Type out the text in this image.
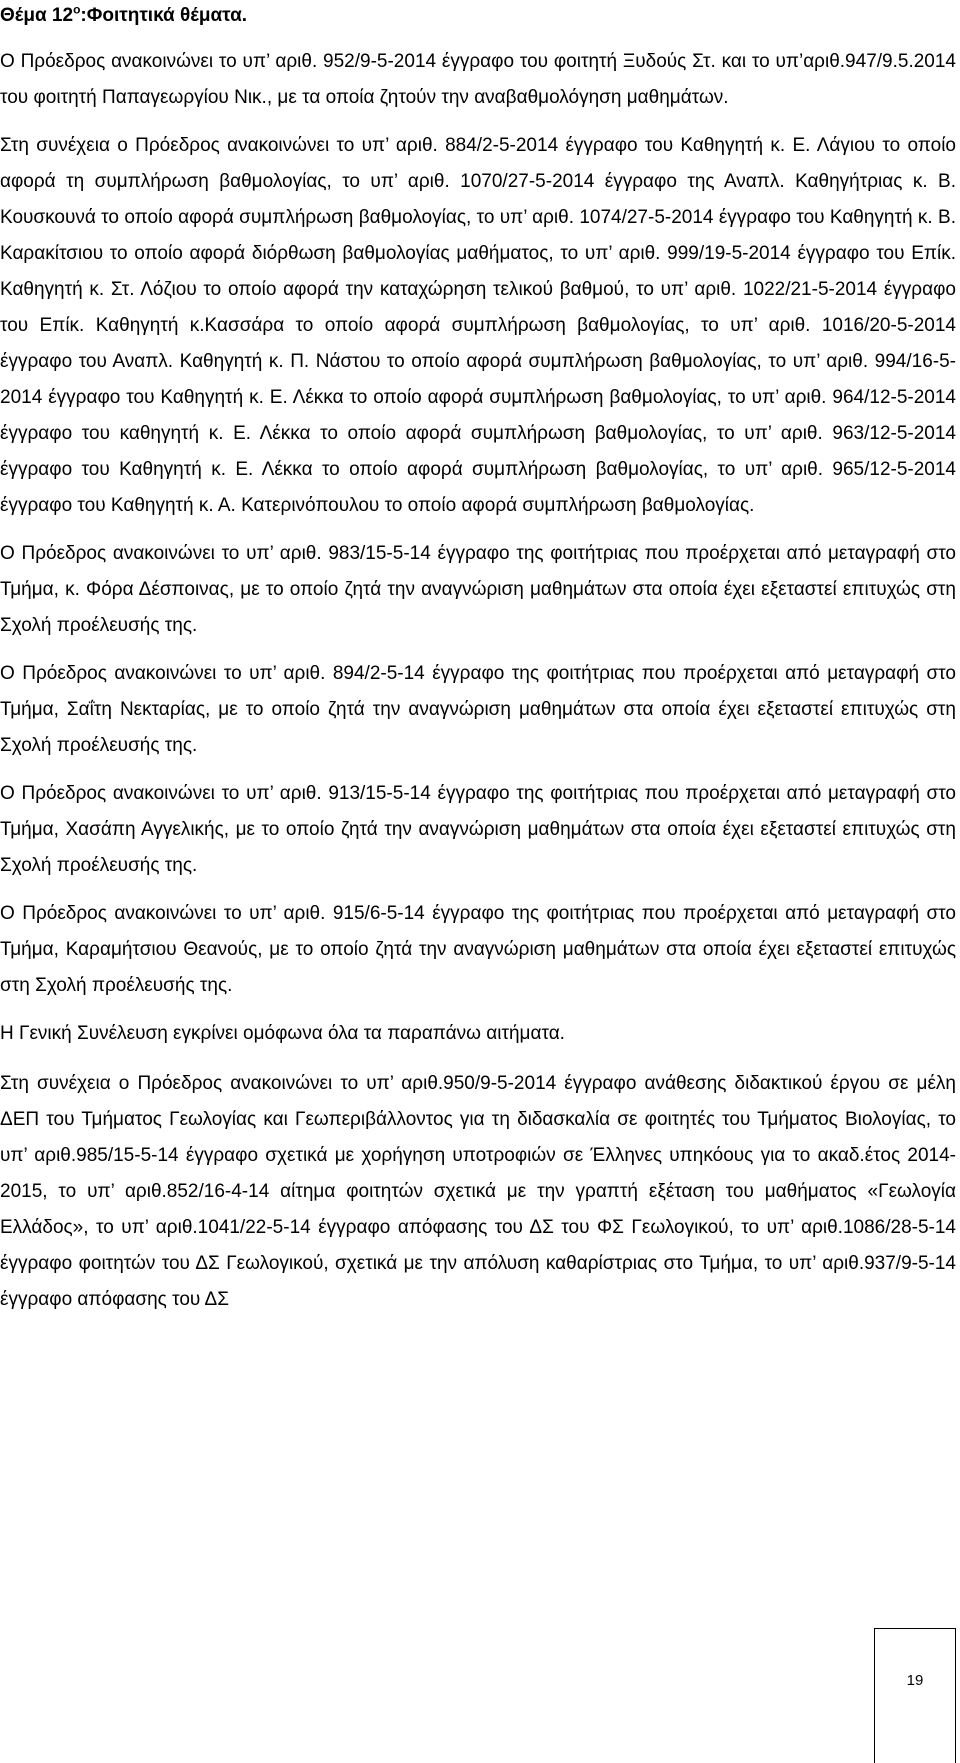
Θέμα $12^o:\Phi o\iota\tau\eta\tau\iota\kappa ά$ θέματα.

Ο Πρόεδρος ανακοινώνει το υπ’ αριθ. 952/9-5-2014 έγγραφο του φοιτητή Ξυδούς Στ. και το υπ’αριθ.947/9.5.2014 του φοιτητή Παπαγεωργίου Νικ., με τα οποία ζητούν την αναβαθμολόγηση μαθημάτων.

Στη συνέχεια ο Πρόεδρος ανακοινώνει το υπ’ αριθ. 884/2-5-2014 έγγραφο του Καθηγητή κ. Ε. Λάγιου το οποίο αφορά τη συμπλήρωση βαθμολογίας, το υπ’ αριθ. 1070/27-5-2014 έγγραφο της Αναπλ. Καθηγήτριας κ. Β. Κουσκουνά το οποίο αφορά συμπλήρωση βαθμολογίας, το υπ’ αριθ. 1074/27-5-2014 έγγραφο του Καθηγητή κ. Β. Καρακίτσιου το οποίο αφορά διόρθωση βαθμολογίας μαθήματος, το υπ’ αριθ. 999/19-5-2014 έγγραφο του Επίκ. Καθηγητή κ. Στ. Λόζιου το οποίο αφορά την καταχώρηση τελικού βαθμού, το υπ’ αριθ. 1022/21-5-2014 έγγραφο του Επίκ. Καθηγητή κ.Κασσάρα το οποίο αφορά συμπλήρωση βαθμολογίας, το υπ’ αριθ. 1016/20-5-2014 έγγραφο του Αναπλ. Καθηγητή κ. Π. Νάστου το οποίο αφορά συμπλήρωση βαθμολογίας, το υπ’ αριθ. 994/16-5-2014 έγγραφο του Καθηγητή κ. Ε. Λέκκα το οποίο αφορά συμπλήρωση βαθμολογίας, το υπ’ αριθ. 964/12-5-2014 έγγραφο του καθηγητή κ. Ε. Λέκκα το οποίο αφορά συμπλήρωση βαθμολογίας, το υπ’ αριθ. 963/12-5-2014 έγγραφο του Καθηγητή κ. Ε. Λέκκα το οποίο αφορά συμπλήρωση βαθμολογίας, το υπ’ αριθ. 965/12-5-2014 έγγραφο του Καθηγητή κ. Α. Κατερινόπουλου το οποίο αφορά συμπλήρωση βαθμολογίας.

Ο Πρόεδρος ανακοινώνει το υπ’ αριθ. 983/15-5-14 έγγραφο της φοιτήτριας που προέρχεται από μεταγραφή στο Τμήμα, κ. Φόρα Δέσποινας, με το οποίο ζητά την αναγνώριση μαθημάτων στα οποία έχει εξεταστεί επιτυχώς στη Σχολή προέλευσής της.

Ο Πρόεδρος ανακοινώνει το υπ’ αριθ. 894/2-5-14 έγγραφο της φοιτήτριας που προέρχεται από μεταγραφή στο Τμήμα, Σαΐτη Νεκταρίας, με το οποίο ζητά την αναγνώριση μαθημάτων στα οποία έχει εξεταστεί επιτυχώς στη Σχολή προέλευσής της.

Ο Πρόεδρος ανακοινώνει το υπ’ αριθ. 913/15-5-14 έγγραφο της φοιτήτριας που προέρχεται από μεταγραφή στο Τμήμα, Χασάπη Αγγελικής, με το οποίο ζητά την αναγνώριση μαθημάτων στα οποία έχει εξεταστεί επιτυχώς στη Σχολή προέλευσής της.

Ο Πρόεδρος ανακοινώνει το υπ’ αριθ. 915/6-5-14 έγγραφο της φοιτήτριας που προέρχεται από μεταγραφή στο Τμήμα, Καραμήτσιου Θεανούς, με το οποίο ζητά την αναγνώριση μαθημάτων στα οποία έχει εξεταστεί επιτυχώς στη Σχολή προέλευσής της.

Η Γενική Συνέλευση εγκρίνει ομόφωνα όλα τα παραπάνω αιτήματα.

Στη συνέχεια ο Πρόεδρος ανακοινώνει το υπ’ αριθ.950/9-5-2014 έγγραφο ανάθεσης διδακτικού έργου σε μέλη ΔΕΠ του Τμήματος Γεωλογίας και Γεωπεριβάλλοντος για τη διδασκαλία σε φοιτητές του Τμήματος Βιολογίας, το υπ’ αριθ.985/15-5-14 έγγραφο σχετικά με χορήγηση υποτροφιών σε Έλληνες υπηκόους για το ακαδ.έτος 2014-2015, το υπ’ αριθ.852/16-4-14 αίτημα φοιτητών σχετικά με την γραπτή εξέταση του μαθήματος «Γεωλογία Ελλάδος», το υπ’ αριθ.1041/22-5-14 έγγραφο απόφασης του ΔΣ του ΦΣ Γεωλογικού, το υπ’ αριθ.1086/28-5-14 έγγραφο φοιτητών του ΔΣ Γεωλογικού, σχετικά με την απόλυση καθαρίστριας στο Τμήμα, το υπ’ αριθ.937/9-5-14 έγγραφο απόφασης του ΔΣ

19
